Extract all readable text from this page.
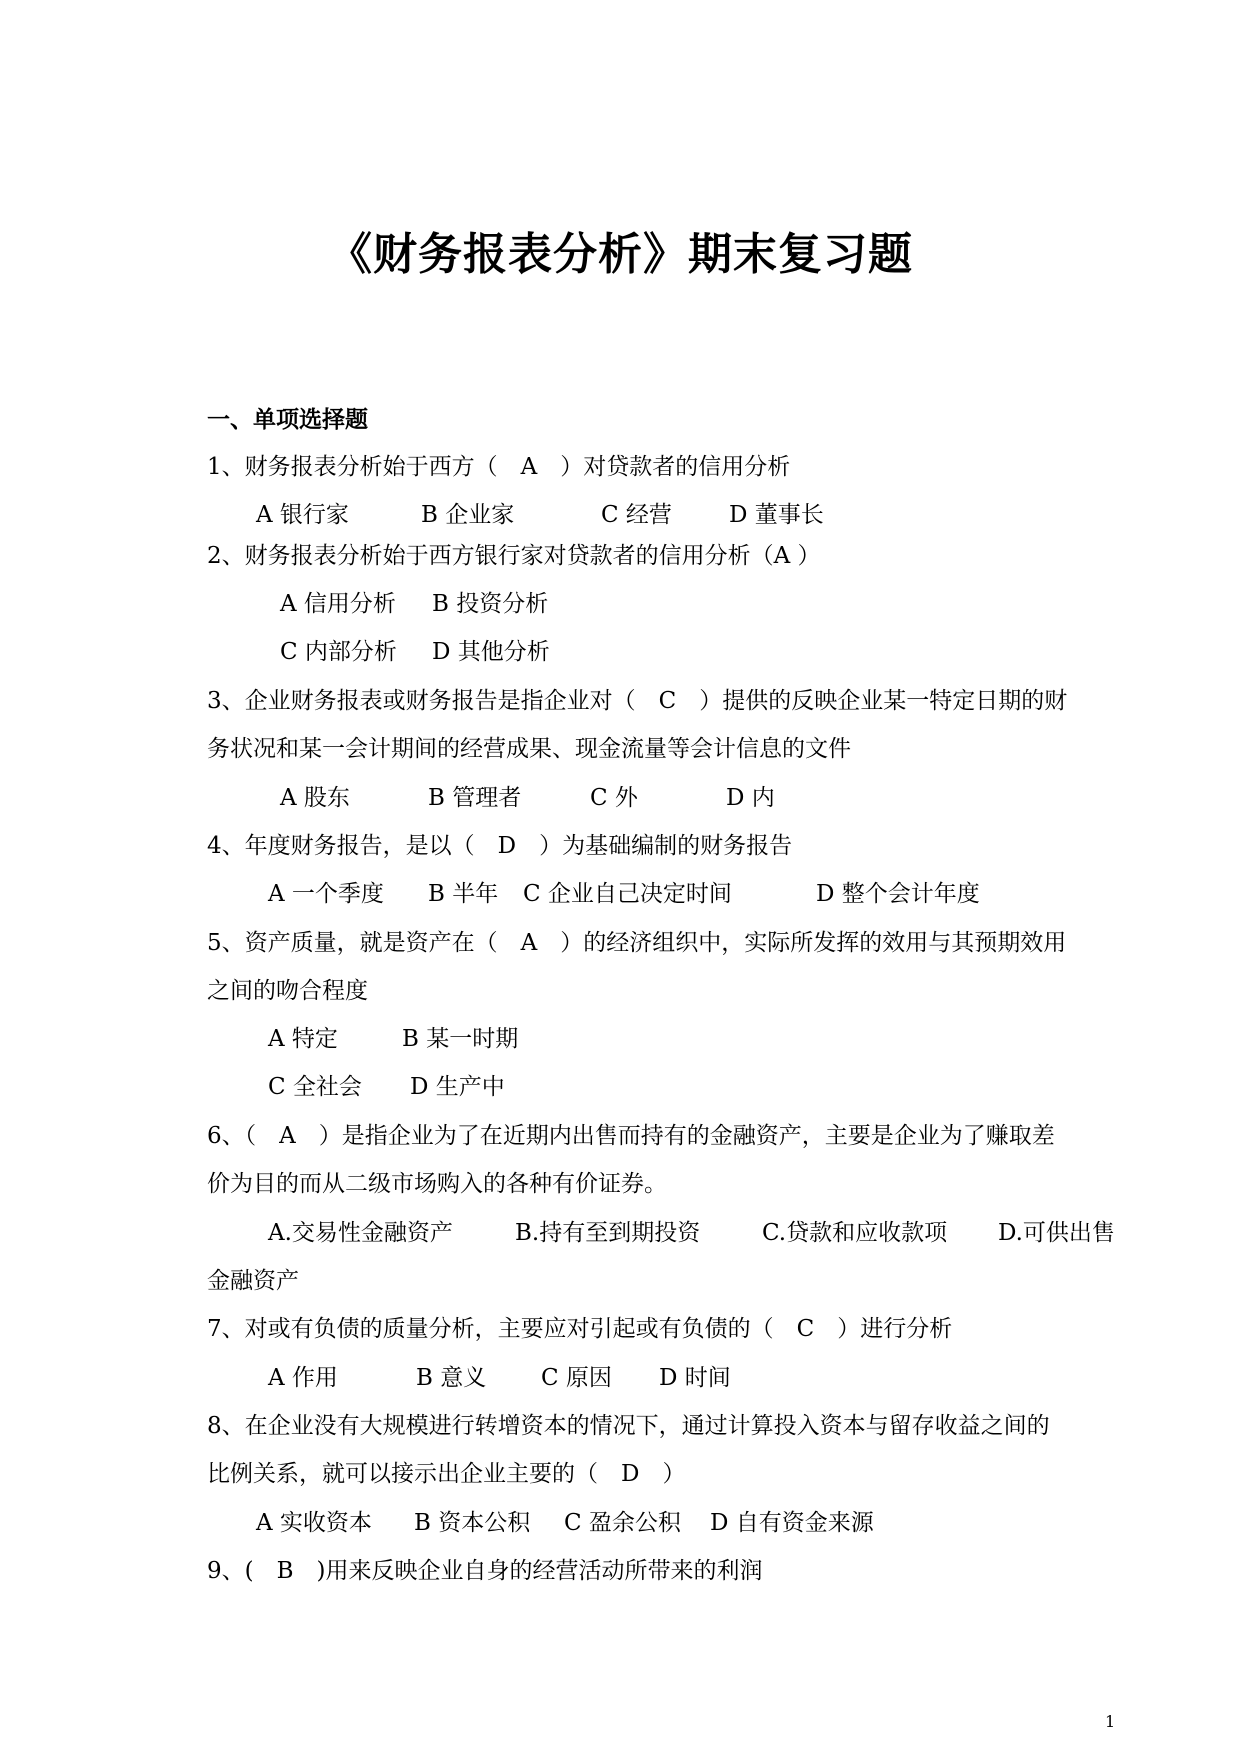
《财务报表分析》期末复习题
一、单项选择题
1、财务报表分析始于西方（　A　）对贷款者的信用分析
A 银行家	B 企业家	C 经营 D 董事长
2、财务报表分析始于西方银行家对贷款者的信用分析（A ）
A 信用分析 B 投资分析
C 内部分析 D 其他分析
3、企业财务报表或财务报告是指企业对（　C　）提供的反映企业某一特定日期的财
务状况和某一会计期间的经营成果、现金流量等会计信息的文件
A 股东	B 管理者	C 外	D 内
4、年度财务报告，是以（　D　）为基础编制的财务报告
A 一个季度 B 半年 C 企业自己决定时间	D 整个会计年度
5、资产质量，就是资产在（　A　）的经济组织中，实际所发挥的效用与其预期效用
之间的吻合程度
A 特定	B 某一时期
C 全社会 D 生产中
6、（　A　）是指企业为了在近期内出售而持有的金融资产，主要是企业为了赚取差
价为目的而从二级市场购入的各种有价证券。
A.交易性金融资产	B.持有至到期投资	C.贷款和应收款项 D.可供出售
金融资产
7、对或有负债的质量分析，主要应对引起或有负债的（　C　）进行分析
A 作用	B 意义 C 原因 D 时间
8、在企业没有大规模进行转增资本的情况下，通过计算投入资本与留存收益之间的
比例关系，就可以接示出企业主要的（　D　）
A 实收资本 B 资本公积 C 盈余公积 D 自有资金来源
9、(　B　)用来反映企业自身的经营活动所带来的利润
1
